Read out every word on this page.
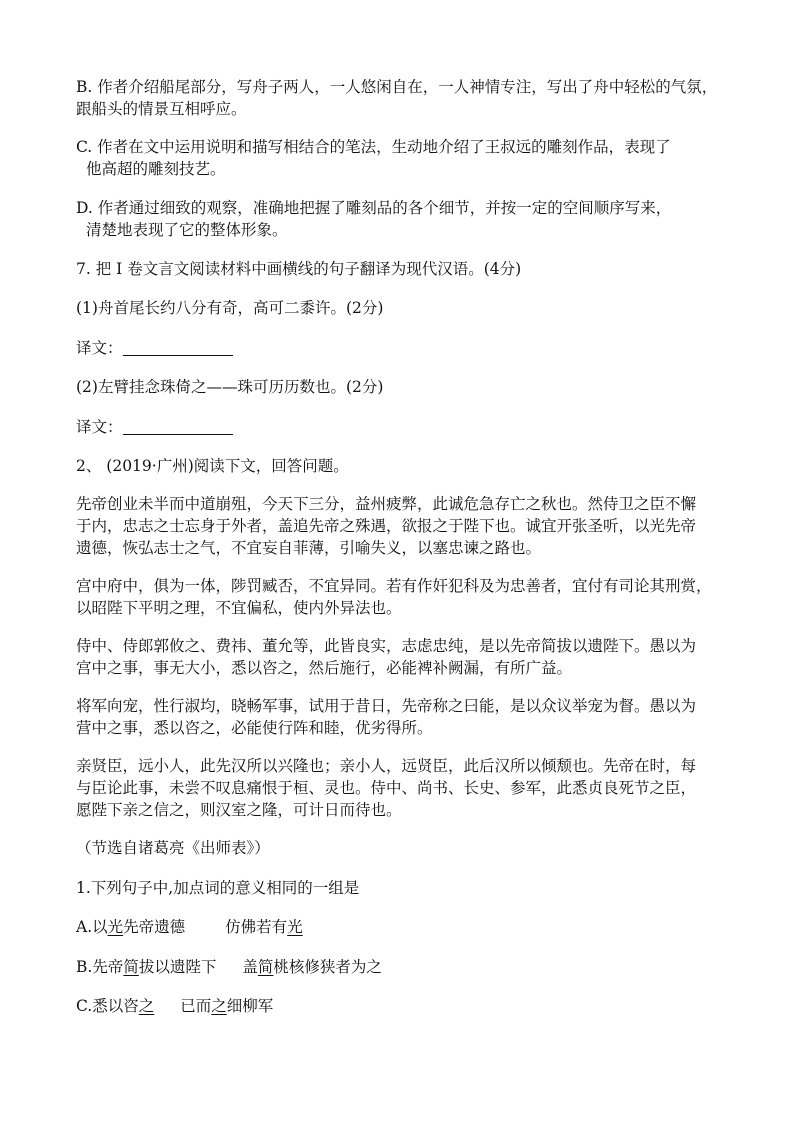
B. 作者介绍船尾部分，写舟子两人，一人悠闲自在，一人神情专注，写出了舟中轻松的气氛，
跟船头的情景互相呼应。
C. 作者在文中运用说明和描写相结合的笔法，生动地介绍了王叔远的雕刻作品，表现了
他高超的雕刻技艺。
D. 作者通过细致的观察，准确地把握了雕刻品的各个细节，并按一定的空间顺序写来，
清楚地表现了它的整体形象。
7. 把 I 卷文言文阅读材料中画横线的句子翻译为现代汉语。(4分)
(1)舟首尾长约八分有奇，高可二黍许。(2分)
译文：
(2)左臂挂念珠倚之——珠可历历数也。(2分)
译文：
2、 (2019·广州)阅读下文，回答问题。
先帝创业未半而中道崩殂，今天下三分，益州疲弊，此诚危急存亡之秋也。然侍卫之臣不懈
于内，忠志之士忘身于外者，盖追先帝之殊遇，欲报之于陛下也。诚宜开张圣听，以光先帝
遗德，恢弘志士之气，不宜妄自菲薄，引喻失义，以塞忠谏之路也。
宫中府中，俱为一体，陟罚臧否，不宜异同。若有作奸犯科及为忠善者，宜付有司论其刑赏，
以昭陛下平明之理，不宜偏私，使内外异法也。
侍中、侍郎郭攸之、费祎、董允等，此皆良实，志虑忠纯，是以先帝简拔以遗陛下。愚以为
宫中之事，事无大小，悉以咨之，然后施行，必能裨补阙漏，有所广益。
将军向宠，性行淑均，晓畅军事，试用于昔日，先帝称之曰能，是以众议举宠为督。愚以为
营中之事，悉以咨之，必能使行阵和睦，优劣得所。
亲贤臣，远小人，此先汉所以兴隆也；亲小人，远贤臣，此后汉所以倾颓也。先帝在时，每
与臣论此事，未尝不叹息痛恨于桓、灵也。侍中、尚书、长史、参军，此悉贞良死节之臣，
愿陛下亲之信之，则汉室之隆，可计日而待也。
（节选自诸葛亮《出师表》）
1.下列句子中,加点词的意义相同的一组是
A.以光先帝遗德	仿佛若有光
B.先帝简拔以遗陛下 盖简桃核修狭者为之
C.悉以咨之 已而之细柳军
